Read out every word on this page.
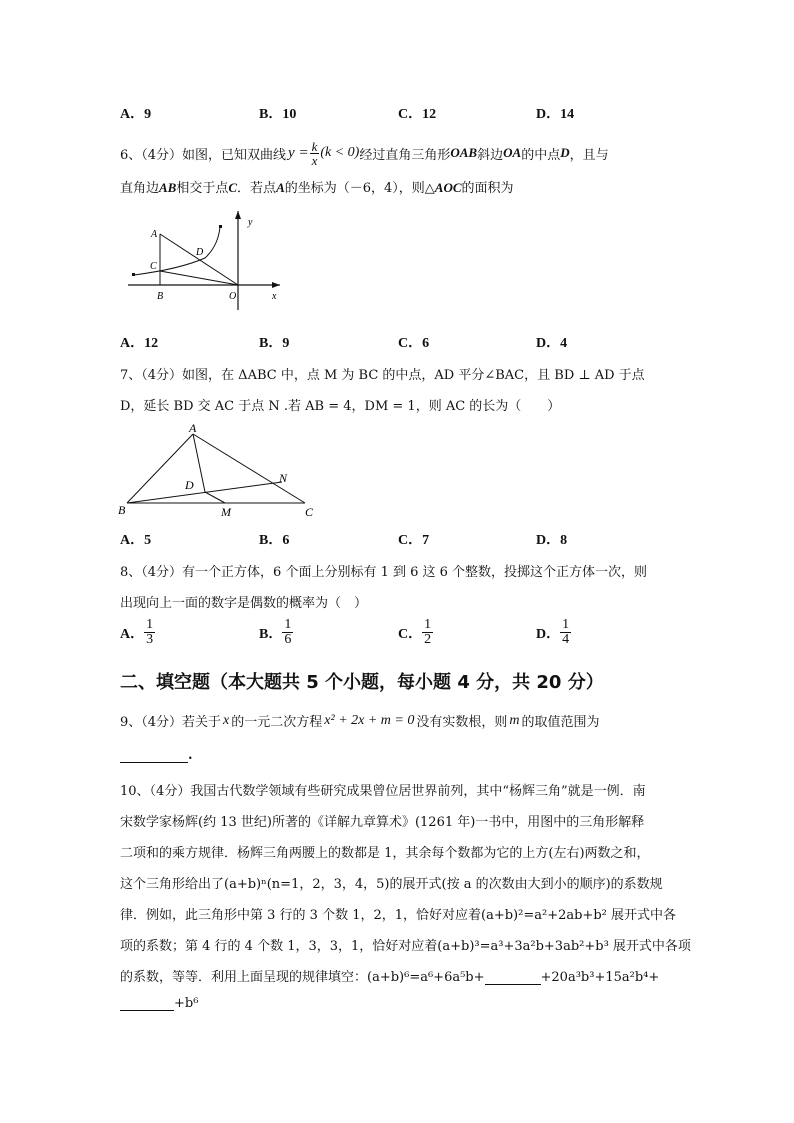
A．9	B．10	C．12	D．14
6、（4分）如图，已知双曲线 $y = \frac{k}{x} (k < 0)$ 经过直角三角形 OAB 斜边 OA 的中点 D ，且与
直角边AB相交于点C．若点A的坐标为（－6，4），则△AOC的面积为
y
A
D
C
B	O	x
A．12	B．9	C．6	D．4
7、（4分）如图，在 ΔABC 中，点 M 为 BC 的中点，AD 平分∠BAC，且 BD ⊥ AD 于点
D，延长 BD 交 AC 于点 N .若 AB = 4，DM = 1，则 AC 的长为（　　）
A
D	N
B	M	C
A．5	B．6	C．7	D．8
8、（4分）有一个正方体，6 个面上分别标有 1 到 6 这 6 个整数，投掷这个正方体一次，则
出现向上一面的数字是偶数的概率为（　）
A． $\frac{1}{3}$	B． $\frac{1}{6}$	C． $\frac{1}{2}$	D． $\frac{1}{4}$
二、填空题（本大题共 5 个小题，每小题 4 分，共 20 分）
9、（4分）若关于 x 的一元二次方程 x² + 2x + m = 0 没有实数根，则 m 的取值范围为
.
10、（4分）我国古代数学领域有些研究成果曾位居世界前列，其中“杨辉三角”就是一例．南
宋数学家杨辉(约 13 世纪)所著的《详解九章算术》(1261 年)一书中，用图中的三角形解释
二项和的乘方规律．杨辉三角两腰上的数都是 1，其余每个数都为它的上方(左右)两数之和，
这个三角形给出了(a+b)ⁿ(n=1，2，3，4，5)的展开式(按 a 的次数由大到小的顺序)的系数规
律．例如，此三角形中第 3 行的 3 个数 1，2，1，恰好对应着(a+b)²=a²+2ab+b² 展开式中各
项的系数；第 4 行的 4 个数 1，3，3，1，恰好对应着(a+b)³=a³+3a²b+3ab²+b³ 展开式中各项
的系数，等等．利用上面呈现的规律填空：(a+b)⁶=a⁶+6a⁵b+	+20a³b³+15a²b⁴+
+b⁶
